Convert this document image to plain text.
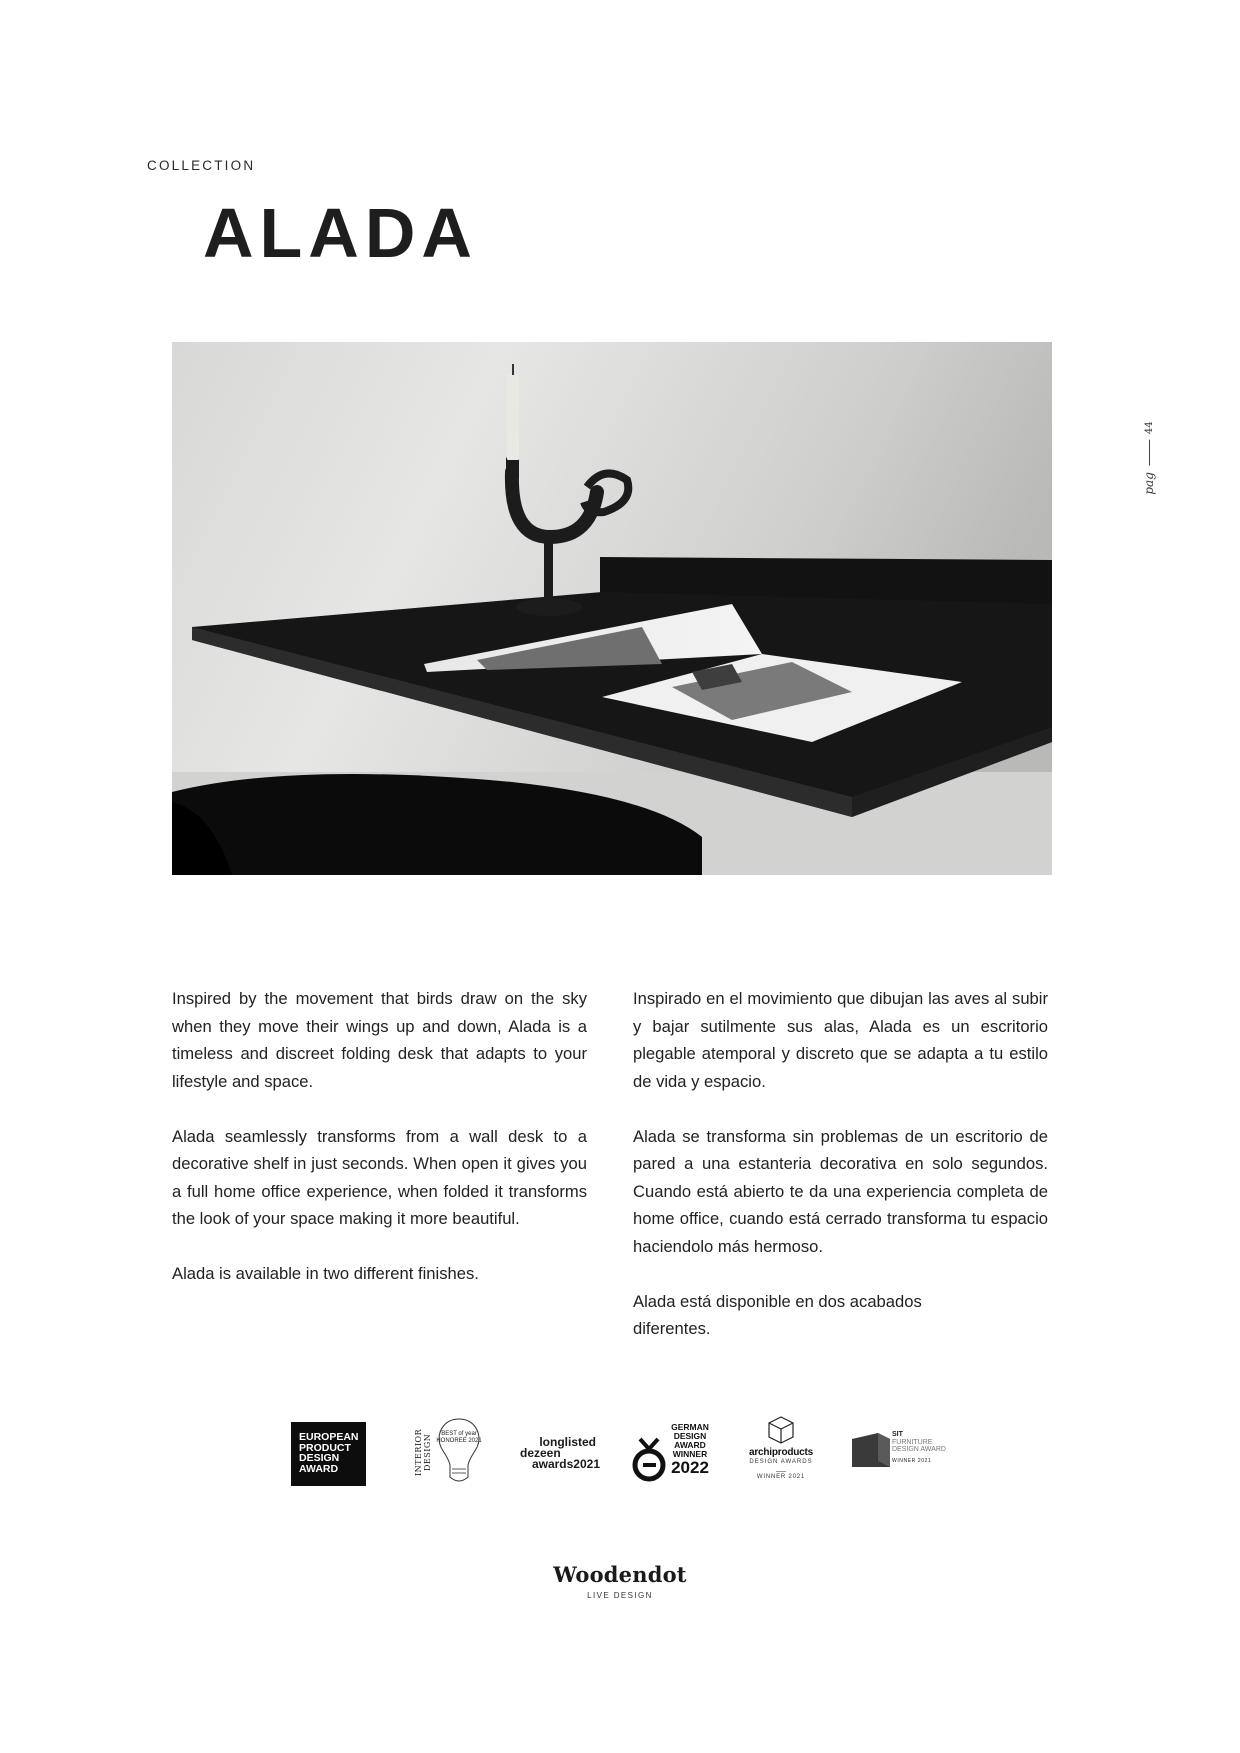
COLLECTION
ALADA
pag
44

Inspired by the movement that birds draw on the sky when they move their wings up and down, Alada is a timeless and discreet folding desk that adapts to your lifestyle and space.

Alada seamlessly transforms from a wall desk to a decorative shelf in just seconds. When open it gives you a full home office experience, when folded it transforms the look of your space making it more beautiful.

Alada is available in two different finishes.

Inspirado en el movimiento que dibujan las aves al subir y bajar sutilmente sus alas, Alada es un escritorio plegable atemporal y discreto que se adapta a tu estilo de vida y espacio.

Alada se transforma sin problemas de un escritorio de pared a una estanteria decorativa en solo segundos. Cuando está abierto te da una experiencia completa de home office, cuando está cerrado transforma tu espacio haciendolo más hermoso.

Alada está disponible en dos acabados diferentes.

EUROPEAN
PRODUCT
DESIGN
AWARD	INTERIOR DESIGN	BEST of year
HONOREE 2021	longlisted
dezeen
awards2021
GERMAN
DESIGN
AWARD
WINNER
2022
archiproducts
DESIGN AWARDS
WINNER 2021
SIT
FURNITURE
DESIGN AWARD
WINNER 2021
Woodendot
LIVE DESIGN
